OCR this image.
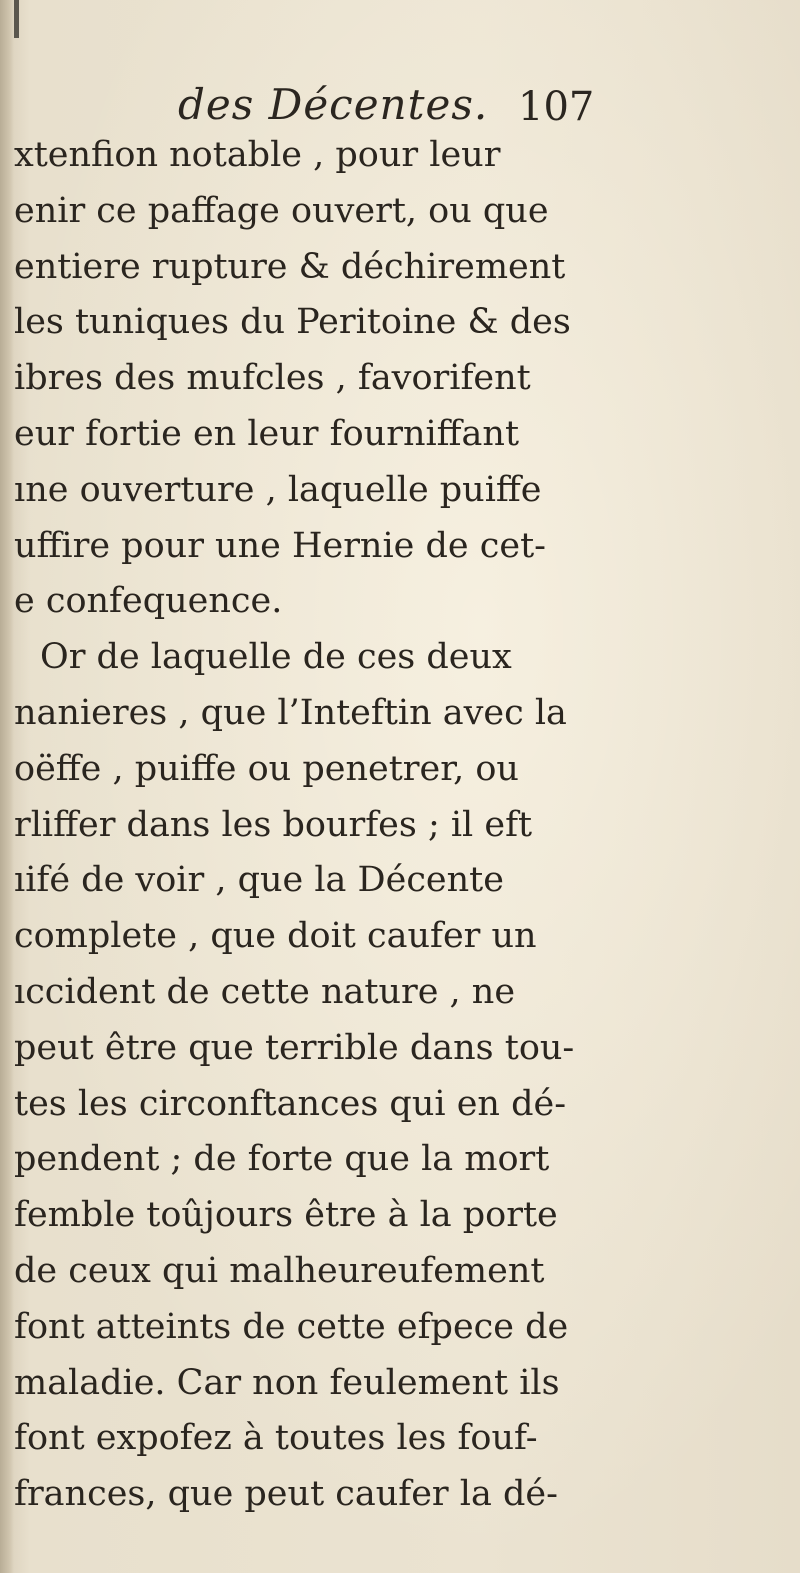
des Décentes. 107
xtenfion notable , pour leur
enir ce paffage ouvert, ou que
entiere rupture & déchirement
les tuniques du Peritoine & des
ibres des mufcles , favorifent
eur fortie en leur fourniffant
ıne ouverture , laquelle puiffe
uffire pour une Hernie de cet-
e confequence.
Or de laquelle de ces deux
nanieres , que l’Inteftin avec la
oëffe , puiffe ou penetrer, ou
rliffer dans les bourfes ; il eft
ıifé de voir , que la Décente
complete , que doit caufer un
ıccident de cette nature , ne
peut être que terrible dans tou-
tes les circonftances qui en dé-
pendent ; de forte que la mort
femble toûjours être à la porte
de ceux qui malheureufement
font atteints de cette efpece de
maladie. Car non feulement ils
font expofez à toutes les fouf-
frances, que peut caufer la dé-
